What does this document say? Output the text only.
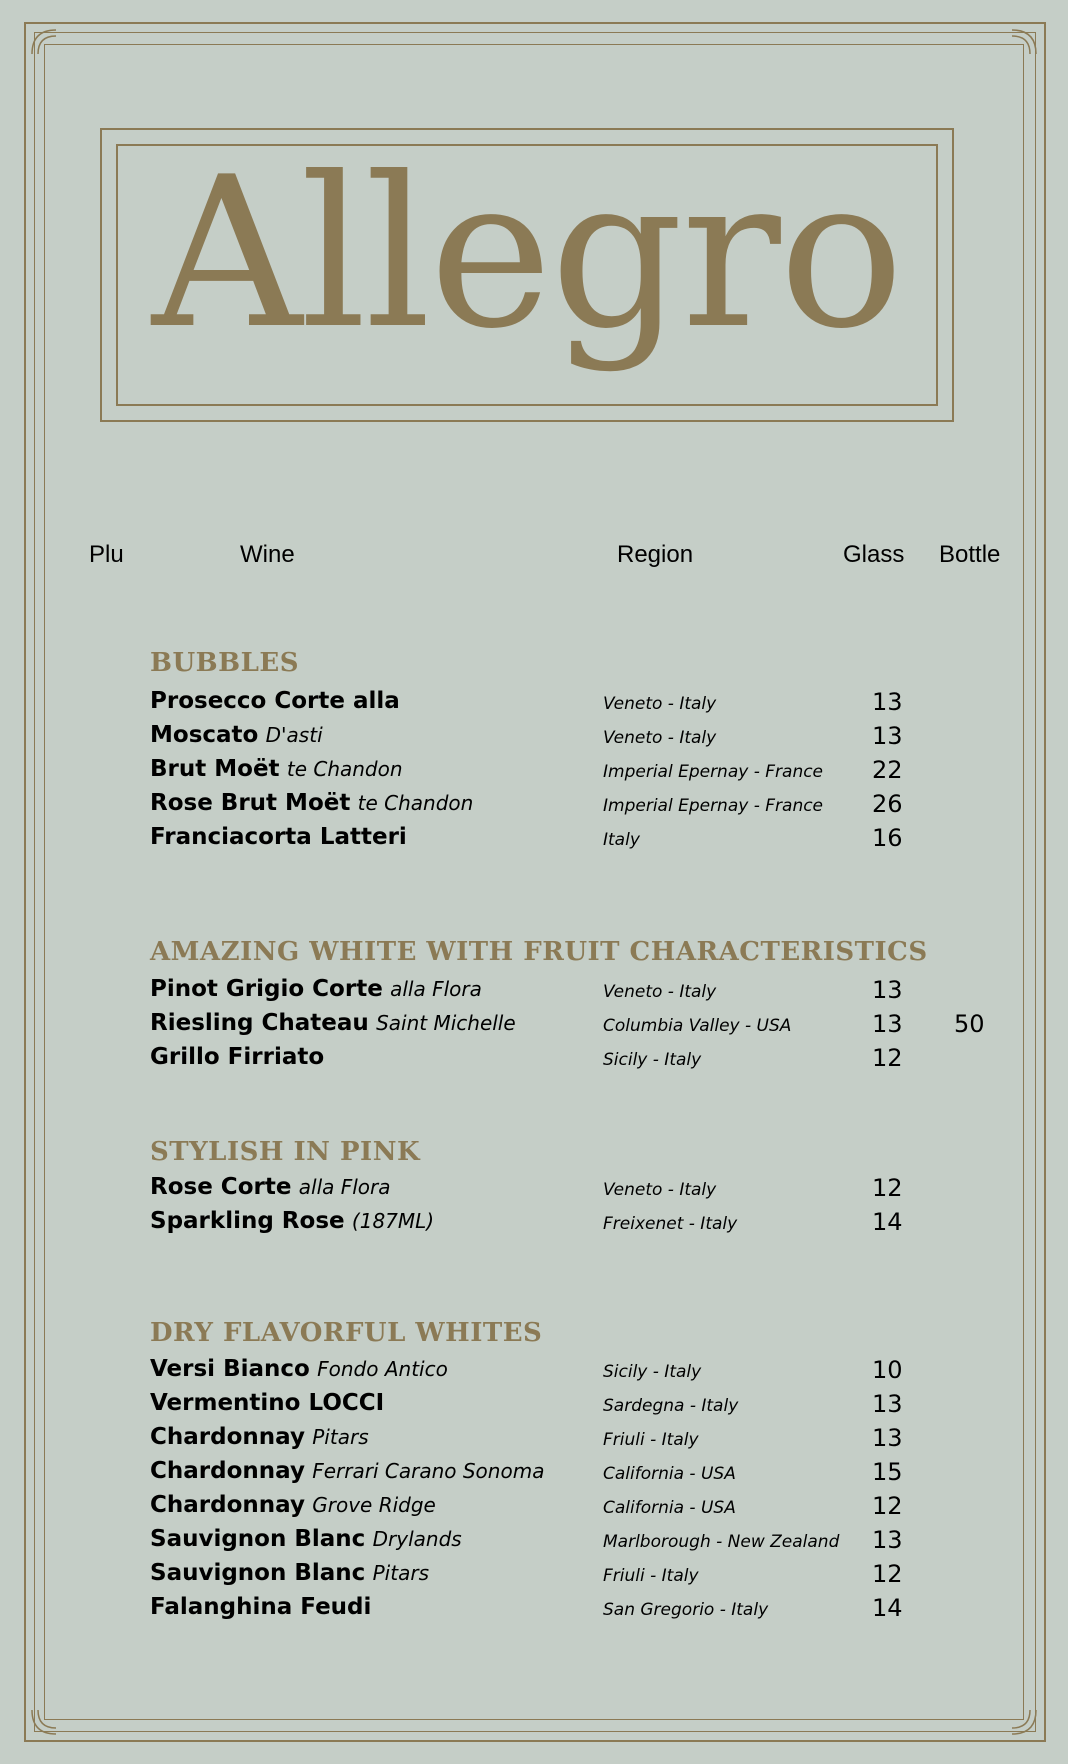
Allegro
Plu	Wine	Region	Glass Bottle
BUBBLES
Prosecco Corte alla	Veneto - Italy	13
Moscato D'asti	Veneto - Italy	13
Brut Moët te Chandon	Imperial Epernay - France 22
Rose Brut Moët te Chandon	Imperial Epernay - France 26
Franciacorta Latteri	Italy	16
AMAZING WHITE WITH FRUIT CHARACTERISTICS
Pinot Grigio Corte alla Flora	Veneto - Italy	13
Riesling Chateau Saint Michelle	Columbia Valley - USA	13 50
Grillo Firriato	Sicily - Italy	12
STYLISH IN PINK
Rose Corte alla Flora	Veneto - Italy	12
Sparkling Rose (187ML)	Freixenet - Italy	14
DRY FLAVORFUL WHITES
Versi Bianco Fondo Antico	Sicily - Italy	10
Vermentino LOCCI	Sardegna - Italy	13
Chardonnay Pitars	Friuli - Italy	13
Chardonnay Ferrari Carano Sonoma	California - USA	15
Chardonnay Grove Ridge	California - USA	12
Sauvignon Blanc Drylands	Marlborough - New Zealand 13
Sauvignon Blanc Pitars	Friuli - Italy	12
Falanghina Feudi	San Gregorio - Italy	14
